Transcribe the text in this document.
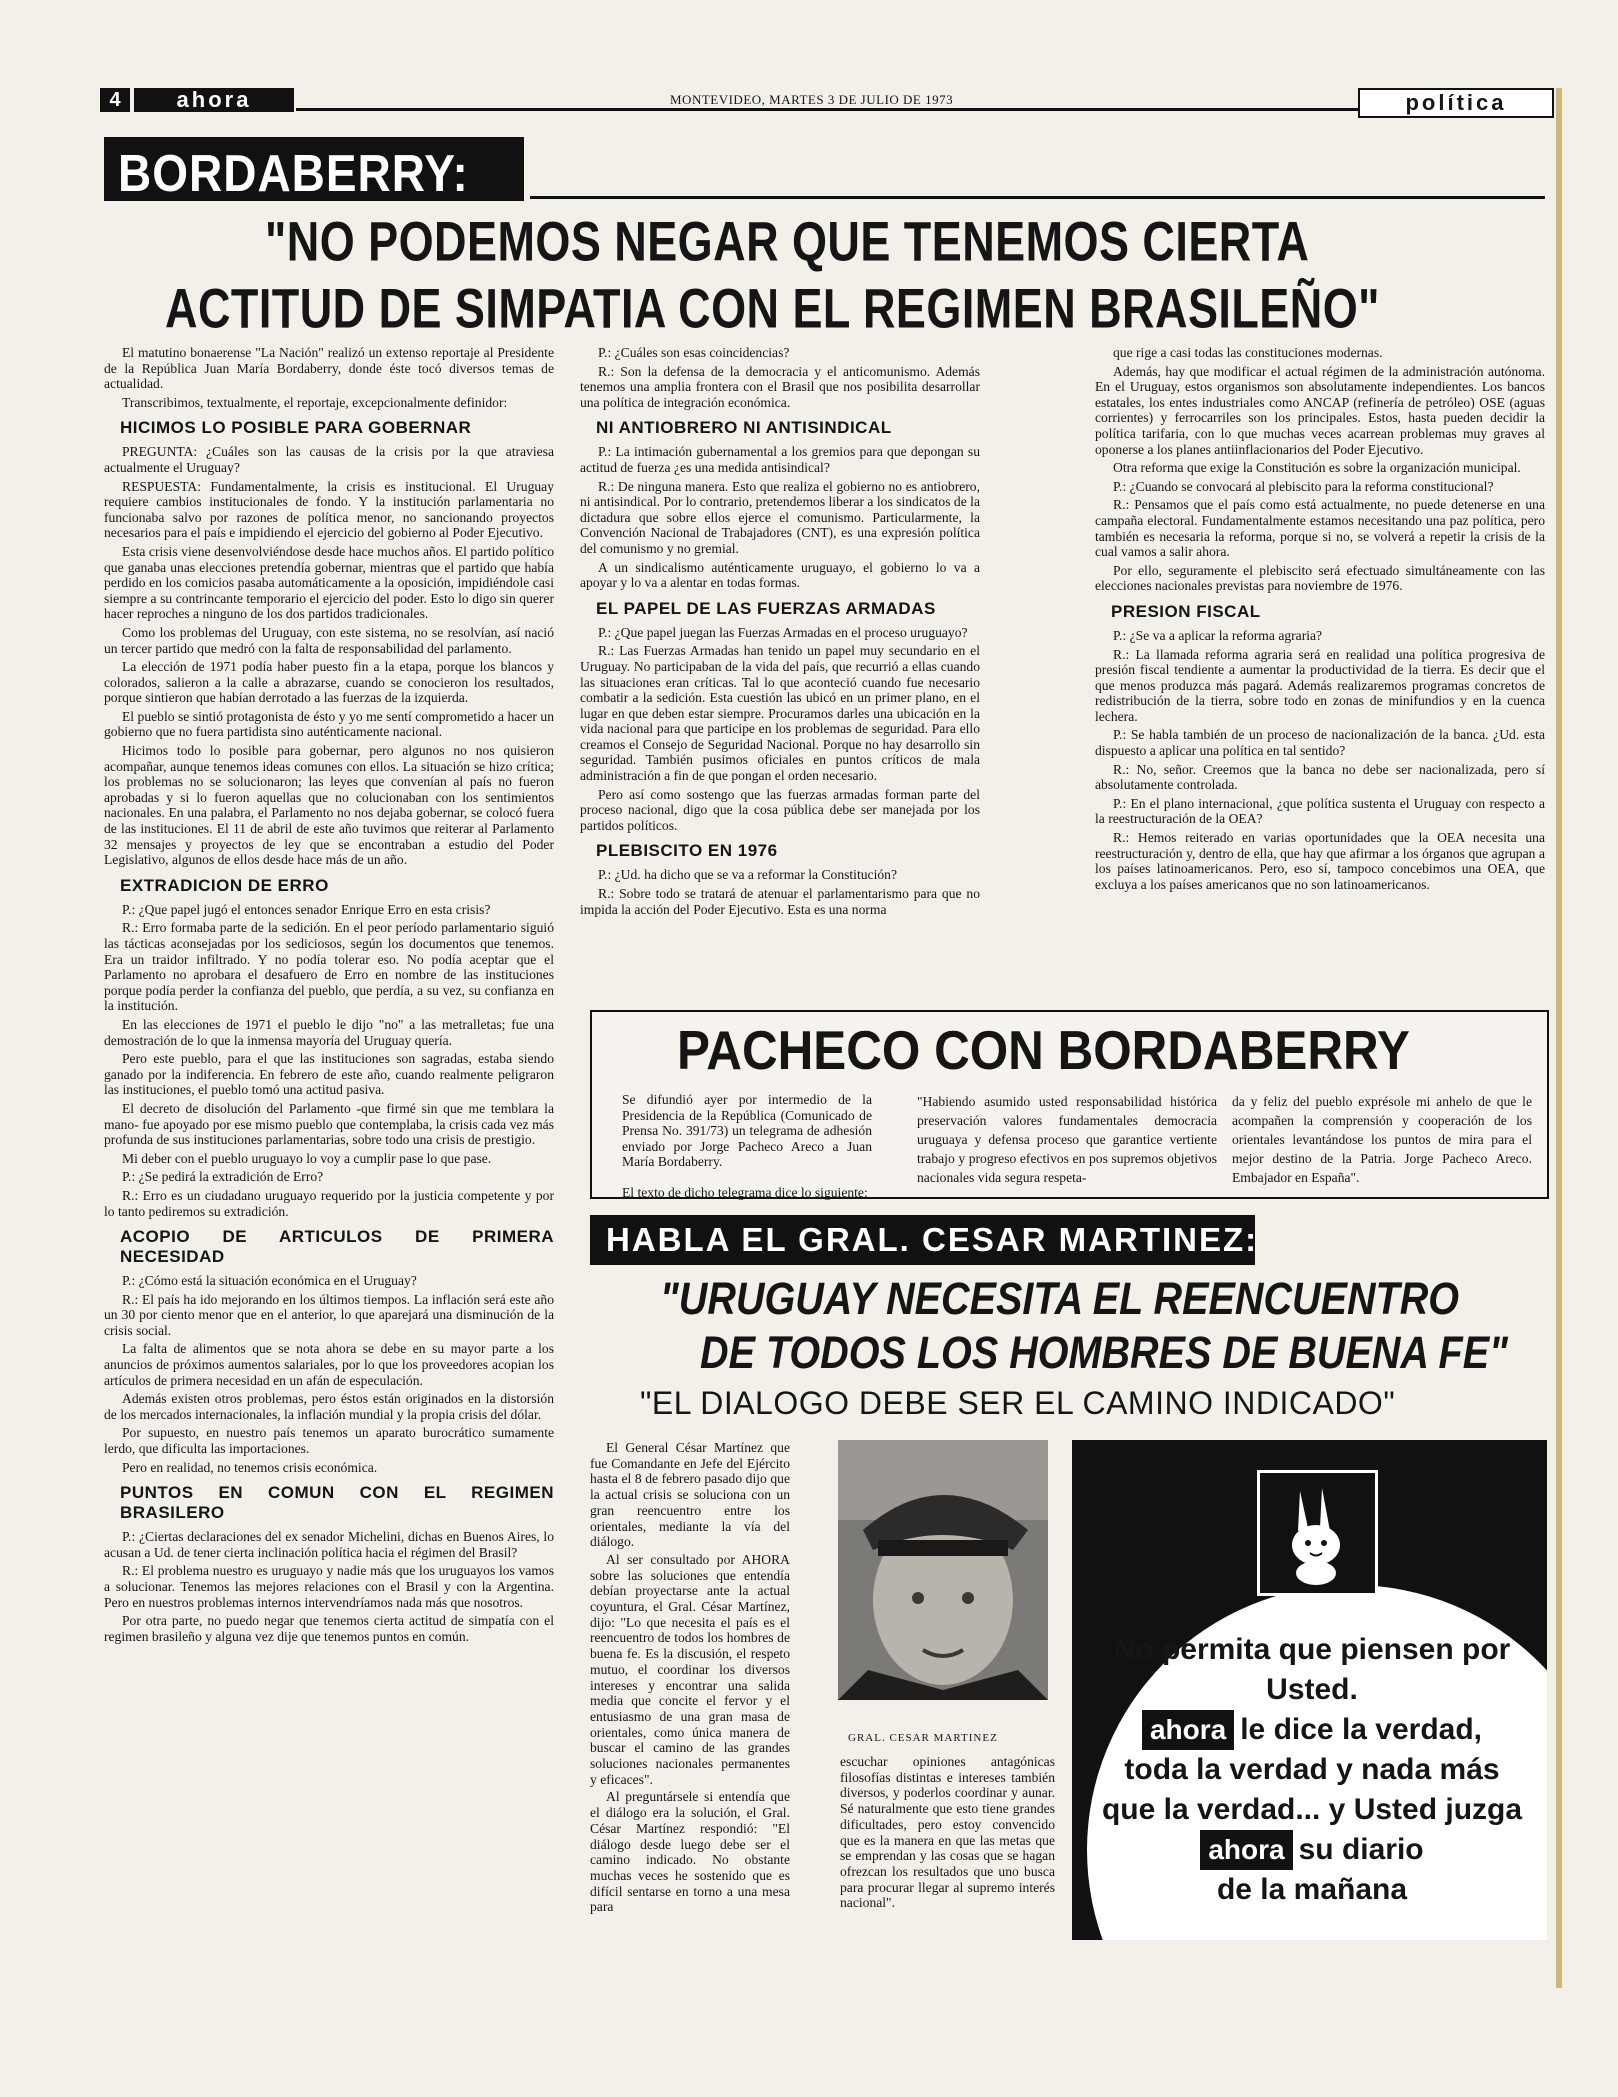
4	ahora	MONTEVIDEO, MARTES 3 DE JULIO DE 1973	política
BORDABERRY:
"NO PODEMOS NEGAR QUE TENEMOS CIERTA
ACTITUD DE SIMPATIA CON EL REGIMEN BRASILEÑO"

El matutino bonaerense "La Nación" realizó un extenso reportaje al Presidente de la República Juan María Bordaberry, donde éste tocó diversos temas de actualidad.

Transcribimos, textualmente, el reportaje, excepcionalmente definidor:

HICIMOS LO POSIBLE PARA GOBERNAR

PREGUNTA: ¿Cuáles son las causas de la crisis por la que atraviesa actualmente el Uruguay?

RESPUESTA: Fundamentalmente, la crisis es institucional. El Uruguay requiere cambios institucionales de fondo. Y la institución parlamentaria no funcionaba salvo por razones de política menor, no sancionando proyectos necesarios para el país e impidiendo el ejercicio del gobierno al Poder Ejecutivo.

Esta crisis viene desenvolviéndose desde hace muchos años. El partido político que ganaba unas elecciones pretendía gobernar, mientras que el partido que había perdido en los comicios pasaba automáticamente a la oposición, impidiéndole casi siempre a su contrincante temporario el ejercicio del poder. Esto lo digo sin querer hacer reproches a ninguno de los dos partidos tradicionales.

Como los problemas del Uruguay, con este sistema, no se resolvían, así nació un tercer partido que medró con la falta de responsabilidad del parlamento.

La elección de 1971 podía haber puesto fin a la etapa, porque los blancos y colorados, salieron a la calle a abrazarse, cuando se conocieron los resultados, porque sintieron que habían derrotado a las fuerzas de la izquierda.

El pueblo se sintió protagonista de ésto y yo me sentí comprometido a hacer un gobierno que no fuera partidista sino auténticamente nacional.

Hicimos todo lo posible para gobernar, pero algunos no nos quisieron acompañar, aunque tenemos ideas comunes con ellos. La situación se hizo crítica; los problemas no se solucionaron; las leyes que convenían al país no fueron aprobadas y si lo fueron aquellas que no colucionaban con los sentimientos nacionales. En una palabra, el Parlamento no nos dejaba gobernar, se colocó fuera de las instituciones. El 11 de abril de este año tuvimos que reiterar al Parlamento 32 mensajes y proyectos de ley que se encontraban a estudio del Poder Legislativo, algunos de ellos desde hace más de un año.

EXTRADICION DE ERRO

P.: ¿Que papel jugó el entonces senador Enrique Erro en esta crisis?

R.: Erro formaba parte de la sedición. En el peor período parlamentario siguió las tácticas aconsejadas por los sediciosos, según los documentos que tenemos. Era un traidor infiltrado. Y no podía tolerar eso. No podía aceptar que el Parlamento no aprobara el desafuero de Erro en nombre de las instituciones porque podía perder la confianza del pueblo, que perdía, a su vez, su confianza en la institución.

En las elecciones de 1971 el pueblo le dijo "no" a las metralletas; fue una demostración de lo que la inmensa mayoría del Uruguay quería.

Pero este pueblo, para el que las instituciones son sagradas, estaba siendo ganado por la indiferencia. En febrero de este año, cuando realmente peligraron las instituciones, el pueblo tomó una actitud pasiva.

El decreto de disolución del Parlamento -que firmé sin que me temblara la mano- fue apoyado por ese mismo pueblo que contemplaba, la crisis cada vez más profunda de sus instituciones parlamentarias, sobre todo una crisis de prestigio.

Mi deber con el pueblo uruguayo lo voy a cumplir pase lo que pase.

P.: ¿Se pedirá la extradición de Erro?

R.: Erro es un ciudadano uruguayo requerido por la justicia competente y por lo tanto pediremos su extradición.

ACOPIO DE ARTICULOS DE PRIMERA NECESIDAD

P.: ¿Cómo está la situación económica en el Uruguay?

R.: El país ha ido mejorando en los últimos tiempos. La inflación será este año un 30 por ciento menor que en el anterior, lo que aparejará una disminución de la crisis social.

La falta de alimentos que se nota ahora se debe en su mayor parte a los anuncios de próximos aumentos salariales, por lo que los proveedores acopian los artículos de primera necesidad en un afán de especulación.

Además existen otros problemas, pero éstos están originados en la distorsión de los mercados internacionales, la inflación mundial y la propia crisis del dólar.

Por supuesto, en nuestro país tenemos un aparato burocrático sumamente lerdo, que dificulta las importaciones.

Pero en realidad, no tenemos crisis económica.

PUNTOS EN COMUN CON EL REGIMEN BRASILERO

P.: ¿Ciertas declaraciones del ex senador Michelini, dichas en Buenos Aires, lo acusan a Ud. de tener cierta inclinación política hacia el régimen del Brasil?

R.: El problema nuestro es uruguayo y nadie más que los uruguayos los vamos a solucionar. Tenemos las mejores relaciones con el Brasil y con la Argentina. Pero en nuestros problemas internos intervendríamos nada más que nosotros.

Por otra parte, no puedo negar que tenemos cierta actitud de simpatía con el regimen brasileño y alguna vez dije que tenemos puntos en común.

P.: ¿Cuáles son esas coincidencias?

R.: Son la defensa de la democracia y el anticomunismo. Además tenemos una amplia frontera con el Brasil que nos posibilita desarrollar una política de integración económica.

NI ANTIOBRERO NI ANTISINDICAL

P.: La intimación gubernamental a los gremios para que depongan su actitud de fuerza ¿es una medida antisindical?

R.: De ninguna manera. Esto que realiza el gobierno no es antiobrero, ni antisindical. Por lo contrario, pretendemos liberar a los sindicatos de la dictadura que sobre ellos ejerce el comunismo. Particularmente, la Convención Nacional de Trabajadores (CNT), es una expresión política del comunismo y no gremial.

A un sindicalismo auténticamente uruguayo, el gobierno lo va a apoyar y lo va a alentar en todas formas.

EL PAPEL DE LAS FUERZAS ARMADAS

P.: ¿Que papel juegan las Fuerzas Armadas en el proceso uruguayo?

R.: Las Fuerzas Armadas han tenido un papel muy secundario en el Uruguay. No participaban de la vida del país, que recurrió a ellas cuando las situaciones eran críticas. Tal lo que aconteció cuando fue necesario combatir a la sedición. Esta cuestión las ubicó en un primer plano, en el lugar en que deben estar siempre. Procuramos darles una ubicación en la vida nacional para que participe en los problemas de seguridad. Para ello creamos el Consejo de Seguridad Nacional. Porque no hay desarrollo sin seguridad. También pusimos oficiales en puntos críticos de mala administración a fin de que pongan el orden necesario.

Pero así como sostengo que las fuerzas armadas forman parte del proceso nacional, digo que la cosa pública debe ser manejada por los partidos políticos.

PLEBISCITO EN 1976

P.: ¿Ud. ha dicho que se va a reformar la Constitución?

R.: Sobre todo se tratará de atenuar el parlamentarismo para que no impida la acción del Poder Ejecutivo. Esta es una norma

que rige a casi todas las constituciones modernas.

Además, hay que modificar el actual régimen de la administración autónoma. En el Uruguay, estos organismos son absolutamente independientes. Los bancos estatales, los entes industriales como ANCAP (refinería de petróleo) OSE (aguas corrientes) y ferrocarriles son los principales. Estos, hasta pueden decidir la política tarifaria, con lo que muchas veces acarrean problemas muy graves al oponerse a los planes antiinflacionarios del Poder Ejecutivo.

Otra reforma que exige la Constitución es sobre la organización municipal.

P.: ¿Cuando se convocará al plebiscito para la reforma constitucional?

R.: Pensamos que el país como está actualmente, no puede detenerse en una campaña electoral. Fundamentalmente estamos necesitando una paz política, pero también es necesaria la reforma, porque si no, se volverá a repetir la crisis de la cual vamos a salir ahora.

Por ello, seguramente el plebiscito será efectuado simultáneamente con las elecciones nacionales previstas para noviembre de 1976.

PRESION FISCAL

P.: ¿Se va a aplicar la reforma agraria?

R.: La llamada reforma agraria será en realidad una política progresiva de presión fiscal tendiente a aumentar la productividad de la tierra. Es decir que el que menos produzca más pagará. Además realizaremos programas concretos de redistribución de la tierra, sobre todo en zonas de minifundios y en la cuenca lechera.

P.: Se habla también de un proceso de nacionalización de la banca. ¿Ud. esta dispuesto a aplicar una política en tal sentido?

R.: No, señor. Creemos que la banca no debe ser nacionalizada, pero sí absolutamente controlada.

P.: En el plano internacional, ¿que política sustenta el Uruguay con respecto a la reestructuración de la OEA?

R.: Hemos reiterado en varias oportunidades que la OEA necesita una reestructuración y, dentro de ella, que hay que afirmar a los órganos que agrupan a los países latinoamericanos. Pero, eso sí, tampoco concebimos una OEA, que excluya a los países americanos que no son latinoamericanos.

PACHECO CON BORDABERRY
Se difundió ayer por intermedio de la Presidencia de la República (Comunicado de Prensa No. 391/73) un telegrama de adhesión enviado por Jorge Pacheco Areco a Juan María Bordaberry.

El texto de dicho telegrama dice lo siguiente:
"Habiendo asumido usted responsabilidad histórica preservación valores fundamentales democracia uruguaya y defensa proceso que garantice vertiente trabajo y progreso efectivos en pos supremos objetivos nacionales vida segura respeta-
da y feliz del pueblo exprésole mi anhelo de que le acompañen la comprensión y cooperación de los orientales levantándose los puntos de mira para el mejor destino de la Patria. Jorge Pacheco Areco. Embajador en España".
HABLA EL GRAL. CESAR MARTINEZ:
"URUGUAY NECESITA EL REENCUENTRO
DE TODOS LOS HOMBRES DE BUENA FE"
"EL DIALOGO DEBE SER EL CAMINO INDICADO"

El General César Martínez que fue Comandante en Jefe del Ejército hasta el 8 de febrero pasado dijo que la actual crisis se soluciona con un gran reencuentro entre los orientales, mediante la vía del diálogo.

Al ser consultado por AHORA sobre las soluciones que entendía debían proyectarse ante la actual coyuntura, el Gral. César Martínez, dijo: "Lo que necesita el país es el reencuentro de todos los hombres de buena fe. Es la discusión, el respeto mutuo, el coordinar los diversos intereses y encontrar una salida media que concite el fervor y el entusiasmo de una gran masa de orientales, como única manera de buscar el camino de las grandes soluciones nacionales permanentes y eficaces".

Al preguntársele si entendía que el diálogo era la solución, el Gral. César Martínez respondió: "El diálogo desde luego debe ser el camino indicado. No obstante muchas veces he sostenido que es difícil sentarse en torno a una mesa para

GRAL. CESAR MARTINEZ
escuchar opiniones antagónicas filosofías distintas e intereses también diversos, y poderlos coordinar y aunar. Sé naturalmente que esto tiene grandes dificultades, pero estoy convencido que es la manera en que las metas que se emprendan y las cosas que se hagan ofrezcan los resultados que uno busca para procurar llegar al supremo interés nacional".
No permita que piensen por Usted.
ahora le dice la verdad,
toda la verdad y nada más
que la verdad... y Usted juzga
ahora su diario
de la mañana
